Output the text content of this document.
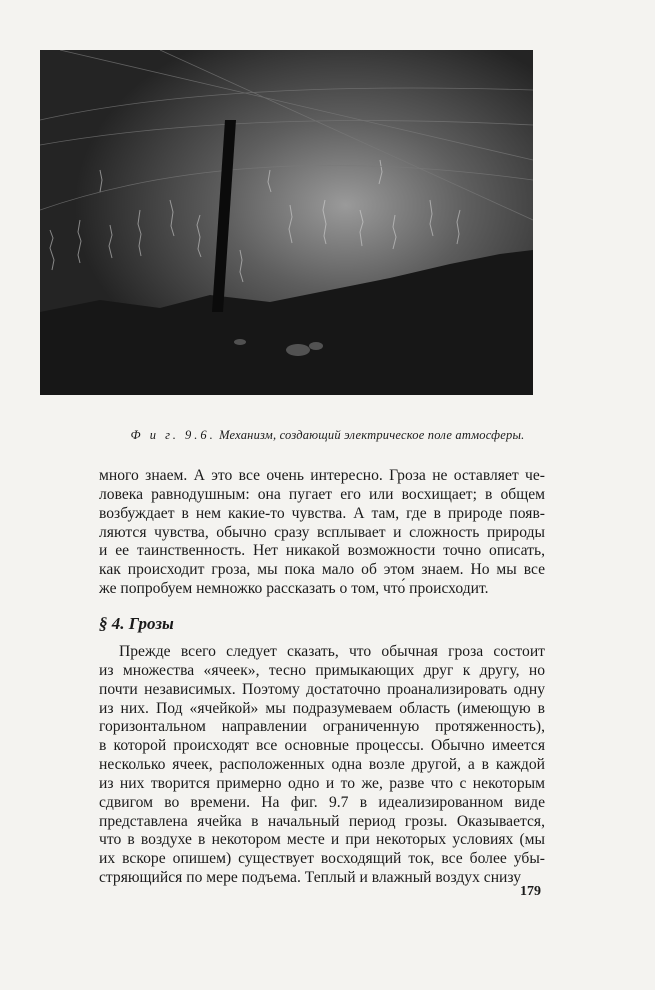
Ф и г. 9.6. Механизм, создающий электрическое поле атмосферы.
много знаем. А это все очень интересно. Гроза не оставляет че-
ловека равнодушным: она пугает его или восхищает; в общем
возбуждает в нем какие-то чувства. А там, где в природе появ-
ляются чувства, обычно сразу всплывает и сложность природы
и ее таинственность. Нет никакой возможности точно описать,
как происходит гроза, мы пока мало об этом знаем. Но мы все
же попробуем немножко рассказать о том, что́ происходит.
§ 4. Грозы
Прежде всего следует сказать, что обычная гроза состоит
из множества «ячеек», тесно примыкающих друг к другу, но
почти независимых. Поэтому достаточно проанализировать одну
из них. Под «ячейкой» мы подразумеваем область (имеющую в
горизонтальном направлении ограниченную протяженность),
в которой происходят все основные процессы. Обычно имеется
несколько ячеек, расположенных одна возле другой, а в каждой
из них творится примерно одно и то же, разве что с некоторым
сдвигом во времени. На фиг. 9.7 в идеализированном виде
представлена ячейка в начальный период грозы. Оказывается,
что в воздухе в некотором месте и при некоторых условиях (мы
их вскоре опишем) существует восходящий ток, все более убы-
стряющийся по мере подъема. Теплый и влажный воздух снизу
179
